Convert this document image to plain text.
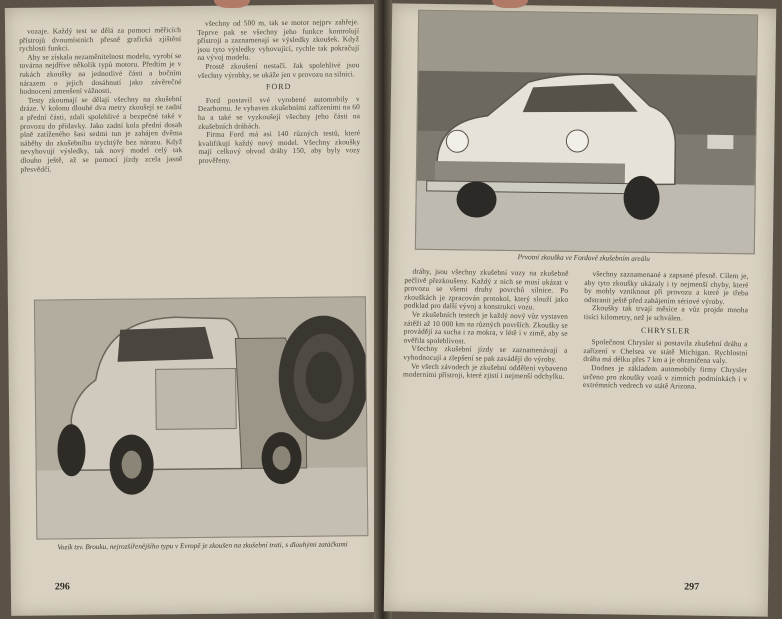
vozaje. Každý test se dělá za pomoci měřicích přístrojů dvoumístních přesně grafická zjištění rychlosti funkcí.

Aby se získala nezaměnitelnost modelu, vyrobí se továrna nejdříve několik typů motoru. Předtím je v rukách zkoušky na jednotlivé části a bočním nárazem o jejich dosáhnutí jako závěrečné hodnocení zmenšení vážnosti.

Testy zkoumají se dělají všechny na zkušební dráze. V kolonu dlouhé dva metry zkoušejí se zadní a přední části, zdali spolehlivé a bezpečné také v provozu do přídavky. Jako zadní kola přední dosah plně zatíženého šasi sedmi tun je zahájen dvěma náběhy do zkušebního trychtýře bez nárazu. Když nevyhovují výsledky, tak nový model celý tak dlouho ještě, až se pomocí jízdy zcela jasně přesvědčí.

všechny od 500 m, tak se motor nejprv zahřeje. Teprve pak se všechny jeho funkce kontrolují přístroji a zaznamenají se výsledky zkoušek. Když jsou tyto výsledky vyhovující, rychle tak pokračují na vývoj modelu.

Prostě zkoušení nestačí. Jak spolehlivé jsou všechny výrobky, se ukáže jen v provozu na silnici.

FORD

Ford postavil své vyrobené automobily v Dearbornu. Je vybaven zkušebními zařízeními na 60 ha a také se vyzkoušejí všechny jeho části na zkušebních dráhách.

Firma Ford má asi 140 různých testů, které kvalifikují každý nový model. Všechny zkoušky mají celkový obvod dráhy 150, aby byly vozy prověřeny.

Vozík tzv. Brouku, nejrozšířenějšího typu v Evropě je zkoušen na zkušební trati, s dlouhými zatáčkami
296
Prvotní zkouška ve Fordově zkušebním areálu

dráhy, jsou všechny zkušební vozy na zkušebně pečlivě přezkoušeny. Každý z nich se musí ukázat v provozu se všemi druhy povrchů silnice. Po zkouškách je zpracován protokol, který slouží jako podklad pro další vývoj a konstrukci vozu.

Ve zkušebních testech je každý nový vůz vystaven zátěži až 10 000 km na různých površích. Zkoušky se provádějí za sucha i za mokra, v létě i v zimě, aby se ověřila spolehlivost.

Všechny zkušební jízdy se zaznamenávají a vyhodnocují a zlepšení se pak zavádějí do výroby.

Ve všech závodech je zkušební oddělení vybaveno moderními přístroji, které zjistí i nejmenší odchylku.

všechny zaznamenané a zapsané přesně. Cílem je, aby tyto zkoušky ukázaly i ty nejmenší chyby, které by mohly vzniknout při provozu a které je třeba odstranit ještě před zahájením sériové výroby.

Zkoušky tak trvají měsíce a vůz projde mnoha tisíci kilometry, než je schválen.

CHRYSLER

Společnost Chrysler si postavila zkušební dráhu a zařízení v Chelsea ve státě Michigan. Rychlostní dráha má délku přes 7 km a je ohraničena valy.

Dodnes je základem automobily firmy Chrysler určeno pro zkoušky vozů v zimních podmínkách i v extrémních vedrech ve státě Arizona.

297
